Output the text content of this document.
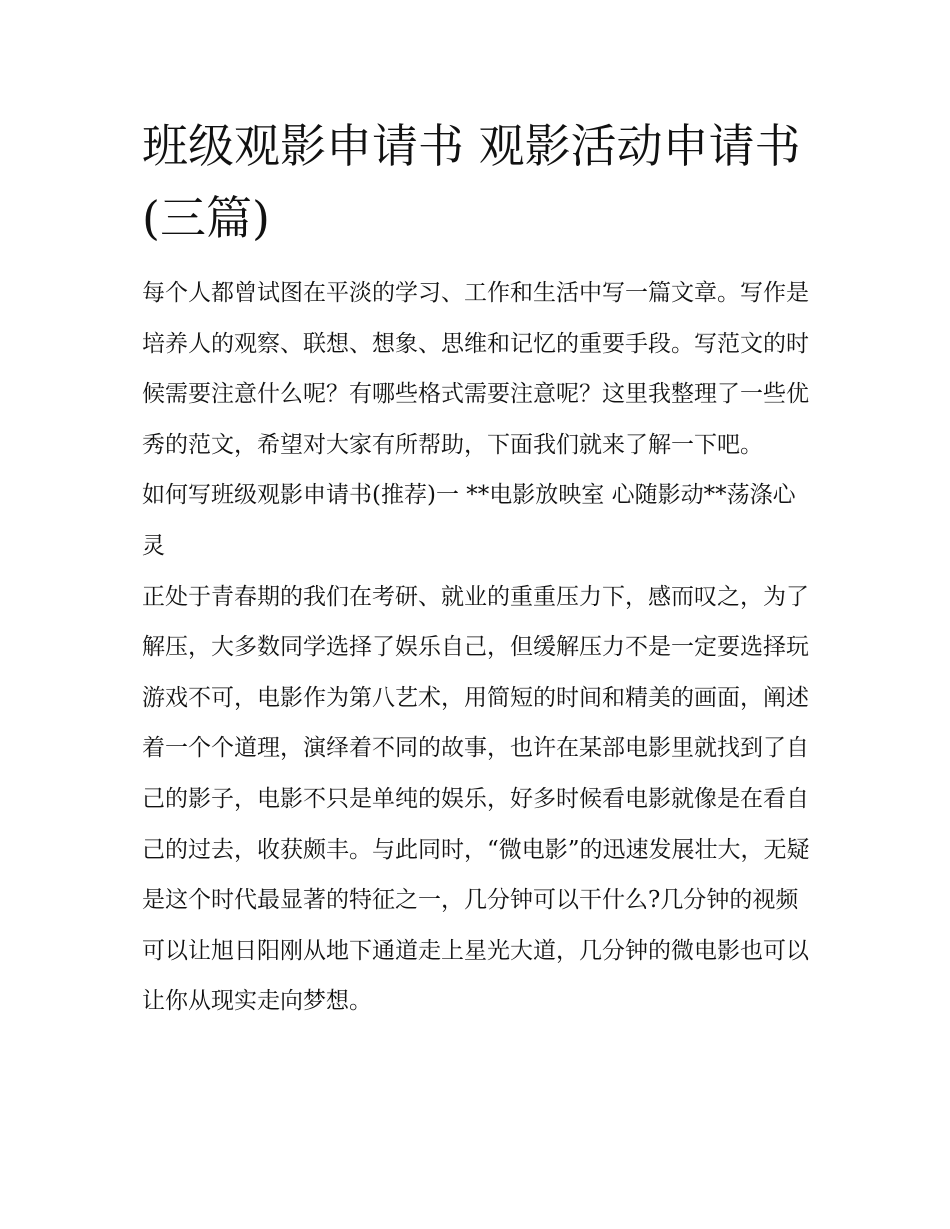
班级观影申请书 观影活动申请书(三篇)

每个人都曾试图在平淡的学习、工作和生活中写一篇文章。写作是培养人的观察、联想、想象、思维和记忆的重要手段。写范文的时候需要注意什么呢？有哪些格式需要注意呢？这里我整理了一些优秀的范文，希望对大家有所帮助，下面我们就来了解一下吧。

如何写班级观影申请书(推荐)一 **电影放映室 心随影动**荡涤心灵

正处于青春期的我们在考研、就业的重重压力下，感而叹之，为了解压，大多数同学选择了娱乐自己，但缓解压力不是一定要选择玩游戏不可，电影作为第八艺术，用简短的时间和精美的画面，阐述着一个个道理，演绎着不同的故事，也许在某部电影里就找到了自己的影子，电影不只是单纯的娱乐，好多时候看电影就像是在看自己的过去，收获颇丰。与此同时，“微电影”的迅速发展壮大，无疑是这个时代最显著的特征之一，几分钟可以干什么?几分钟的视频可以让旭日阳刚从地下通道走上星光大道，几分钟的微电影也可以让你从现实走向梦想。
